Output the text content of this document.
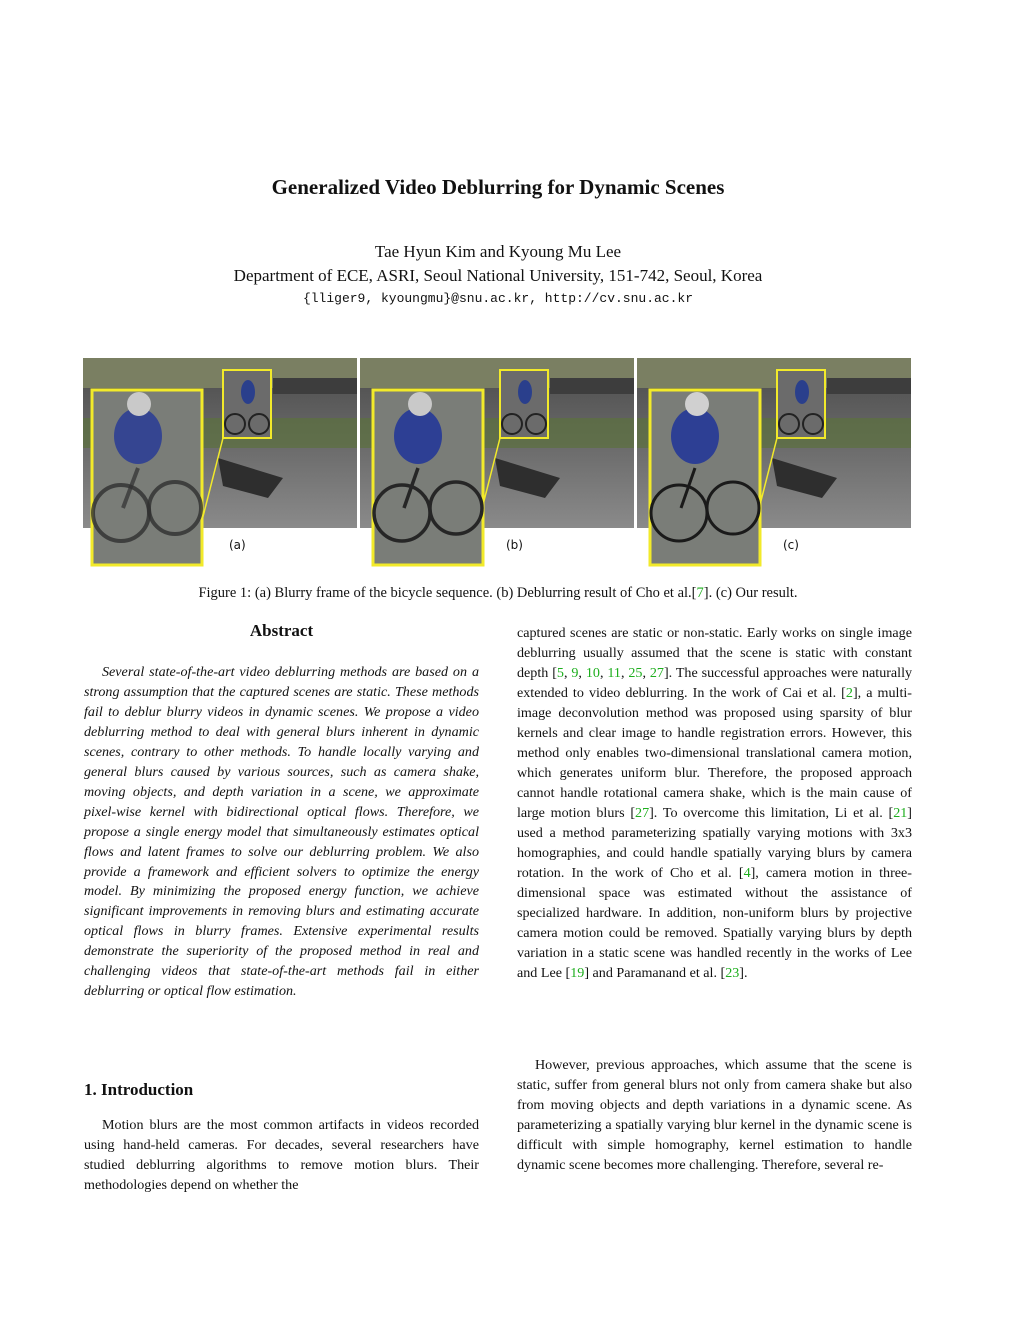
Generalized Video Deblurring for Dynamic Scenes
Tae Hyun Kim and Kyoung Mu Lee
Department of ECE, ASRI, Seoul National University, 151-742, Seoul, Korea
{lliger9, kyoungmu}@snu.ac.kr, http://cv.snu.ac.kr
(a)	(b)	(c)
Figure 1: (a) Blurry frame of the bicycle sequence. (b) Deblurring result of Cho et al.[7]. (c) Our result.
Abstract

Several state-of-the-art video deblurring methods are based on a strong assumption that the captured scenes are static. These methods fail to deblur blurry videos in dynamic scenes. We propose a video deblurring method to deal with general blurs inherent in dynamic scenes, contrary to other methods. To handle locally varying and general blurs caused by various sources, such as camera shake, moving objects, and depth variation in a scene, we approximate pixel-wise kernel with bidirectional optical flows. Therefore, we propose a single energy model that simultaneously estimates optical flows and latent frames to solve our deblurring problem. We also provide a framework and efficient solvers to optimize the energy model. By minimizing the proposed energy function, we achieve significant improvements in removing blurs and estimating accurate optical flows in blurry frames. Extensive experimental results demonstrate the superiority of the proposed method in real and challenging videos that state-of-the-art methods fail in either deblurring or optical flow estimation.

1. Introduction

Motion blurs are the most common artifacts in videos recorded using hand-held cameras. For decades, several researchers have studied deblurring algorithms to remove motion blurs. Their methodologies depend on whether the

captured scenes are static or non-static. Early works on single image deblurring usually assumed that the scene is static with constant depth [5, 9, 10, 11, 25, 27]. The successful approaches were naturally extended to video deblurring. In the work of Cai et al. [2], a multi-image deconvolution method was proposed using sparsity of blur kernels and clear image to handle registration errors. However, this method only enables two-dimensional translational camera motion, which generates uniform blur. Therefore, the proposed approach cannot handle rotational camera shake, which is the main cause of large motion blurs [27]. To overcome this limitation, Li et al. [21] used a method parameterizing spatially varying motions with 3x3 homographies, and could handle spatially varying blurs by camera rotation. In the work of Cho et al. [4], camera motion in three-dimensional space was estimated without the assistance of specialized hardware. In addition, non-uniform blurs by projective camera motion could be removed. Spatially varying blurs by depth variation in a static scene was handled recently in the works of Lee and Lee [19] and Paramanand et al. [23].

However, previous approaches, which assume that the scene is static, suffer from general blurs not only from camera shake but also from moving objects and depth variations in a dynamic scene. As parameterizing a spatially varying blur kernel in the dynamic scene is difficult with simple homography, kernel estimation to handle dynamic scene becomes more challenging. Therefore, several re-
